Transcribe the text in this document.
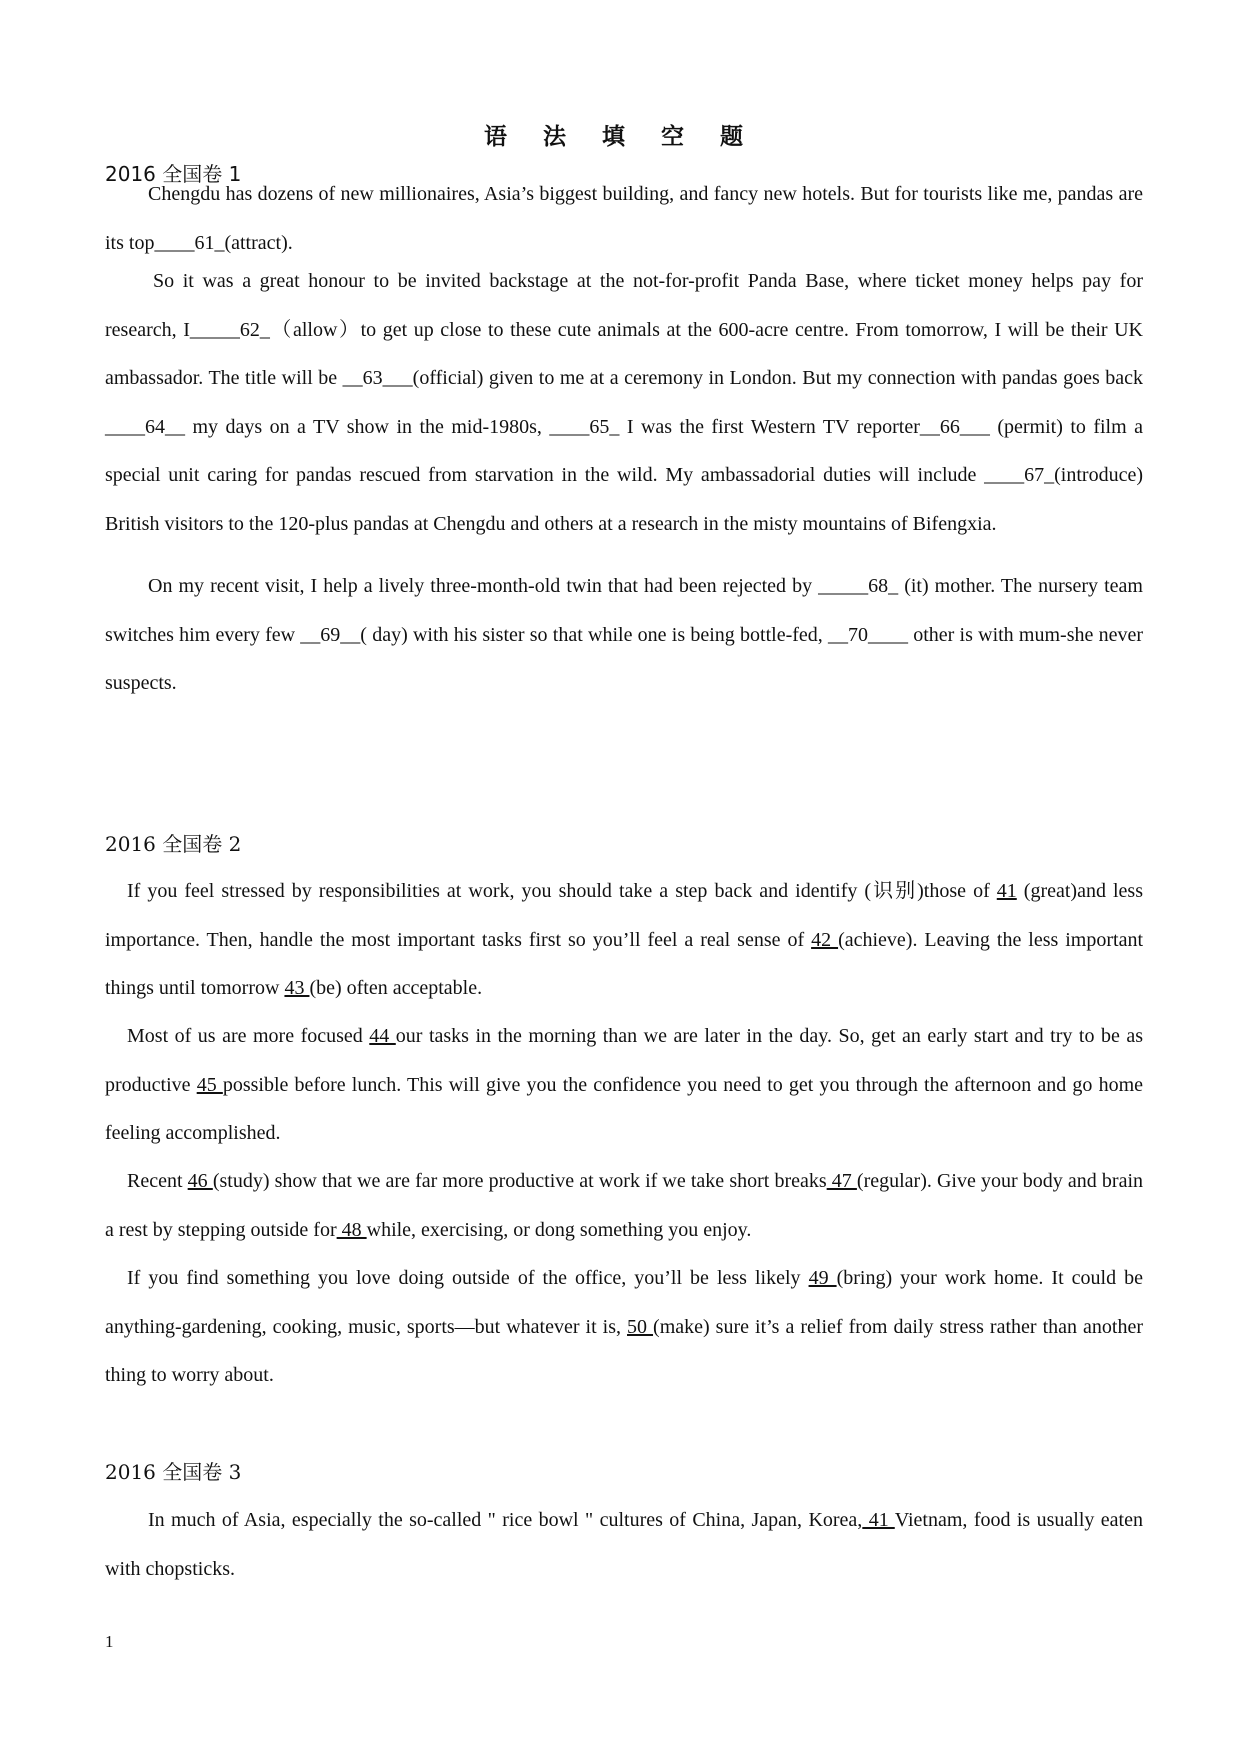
语 法 填 空 题
2016 全国卷 1
Chengdu has dozens of new millionaires, Asia’s biggest building, and fancy new hotels. But for tourists like me, pandas are its top____61_(attract).
So it was a great honour to be invited backstage at the not-for-profit Panda Base, where ticket money helps pay for research, I_____62_（allow）to get up close to these cute animals at the 600-acre centre. From tomorrow, I will be their UK ambassador. The title will be __63___(official) given to me at a ceremony in London. But my connection with pandas goes back ____64__ my days on a TV show in the mid-1980s, ____65_ I was the first Western TV reporter__66___ (permit) to film a special unit caring for pandas rescued from starvation in the wild. My ambassadorial duties will include ____67_(introduce) British visitors to the 120-plus pandas at Chengdu and others at a research in the misty mountains of Bifengxia.
On my recent visit, I help a lively three-month-old twin that had been rejected by _____68_ (it) mother. The nursery team switches him every few __69__( day) with his sister so that while one is being bottle-fed, __70____ other is with mum-she never suspects.
2016 全国卷 2
If you feel stressed by responsibilities at work, you should take a step back and identify (识别)those of 41 (great)and less importance. Then, handle the most important tasks first so you’ll feel a real sense of 42 (achieve). Leaving the less important things until tomorrow 43 (be) often acceptable.
Most of us are more focused 44 our tasks in the morning than we are later in the day. So, get an early start and try to be as productive 45 possible before lunch. This will give you the confidence you need to get you through the afternoon and go home feeling accomplished.
Recent 46 (study) show that we are far more productive at work if we take short breaks 47 (regular). Give your body and brain a rest by stepping outside for 48 while, exercising, or dong something you enjoy.
If you find something you love doing outside of the office, you’ll be less likely 49 (bring) your work home. It could be anything-gardening, cooking, music, sports—but whatever it is, 50 (make) sure it’s a relief from daily stress rather than another thing to worry about.
2016 全国卷 3
In much of Asia, especially the so-called " rice bowl " cultures of China, Japan, Korea, 41 Vietnam, food is usually eaten with chopsticks.
1
